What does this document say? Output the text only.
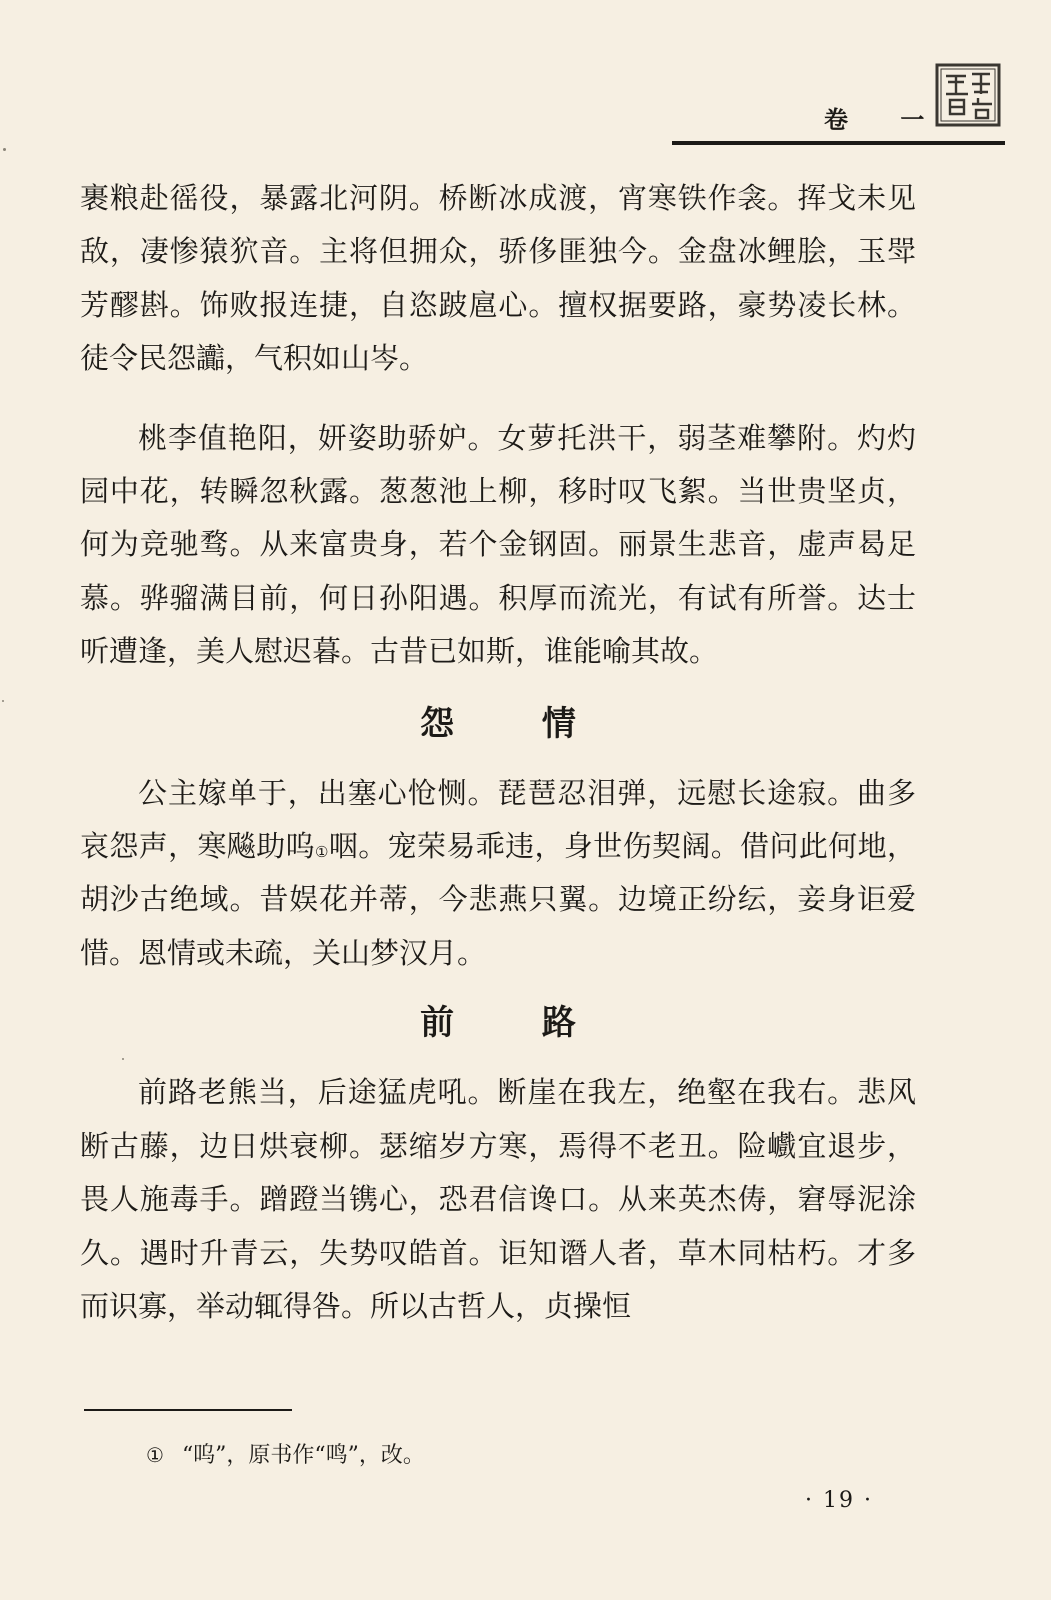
卷 一

裹粮赴徭役，暴露北河阴。桥断冰成渡，宵寒铁作衾。挥戈未见敌，凄惨猿狖音。主将但拥众，骄侈匪独今。金盘冰鲤脍，玉斝芳醪斟。饰败报连捷，自恣跛扈心。擅权据要路，豪势凌长林。徒令民怨讟，气积如山岑。

桃李值艳阳，妍姿助骄妒。女萝托洪干，弱茎难攀附。灼灼园中花，转瞬忽秋露。葱葱池上柳，移时叹飞絮。当世贵坚贞，何为竞驰骛。从来富贵身，若个金钢固。丽景生悲音，虚声曷足慕。骅骝满目前，何日孙阳遇。积厚而流光，有试有所誉。达士听遭逢，美人慰迟暮。古昔已如斯，谁能喻其故。

怨 情

公主嫁单于，出塞心怆恻。琵琶忍泪弹，远慰长途寂。曲多哀怨声，寒飚助呜①咽。宠荣易乖违，身世伤契阔。借问此何地，胡沙古绝域。昔娱花并蒂，今悲燕只翼。边境正纷纭，妾身讵爱惜。恩情或未疏，关山梦汉月。

前 路

前路老熊当，后途猛虎吼。断崖在我左，绝壑在我右。悲风断古藤，边日烘衰柳。瑟缩岁方寒，焉得不老丑。险巇宜退步，畏人施毒手。蹭蹬当镌心，恐君信谗口。从来英杰俦，窘辱泥涂久。遇时升青云，失势叹皓首。讵知谮人者，草木同枯朽。才多而识寡，举动辄得咎。所以古哲人，贞操恒

① “呜”，原书作“鸣”，改。
· 19 ·
